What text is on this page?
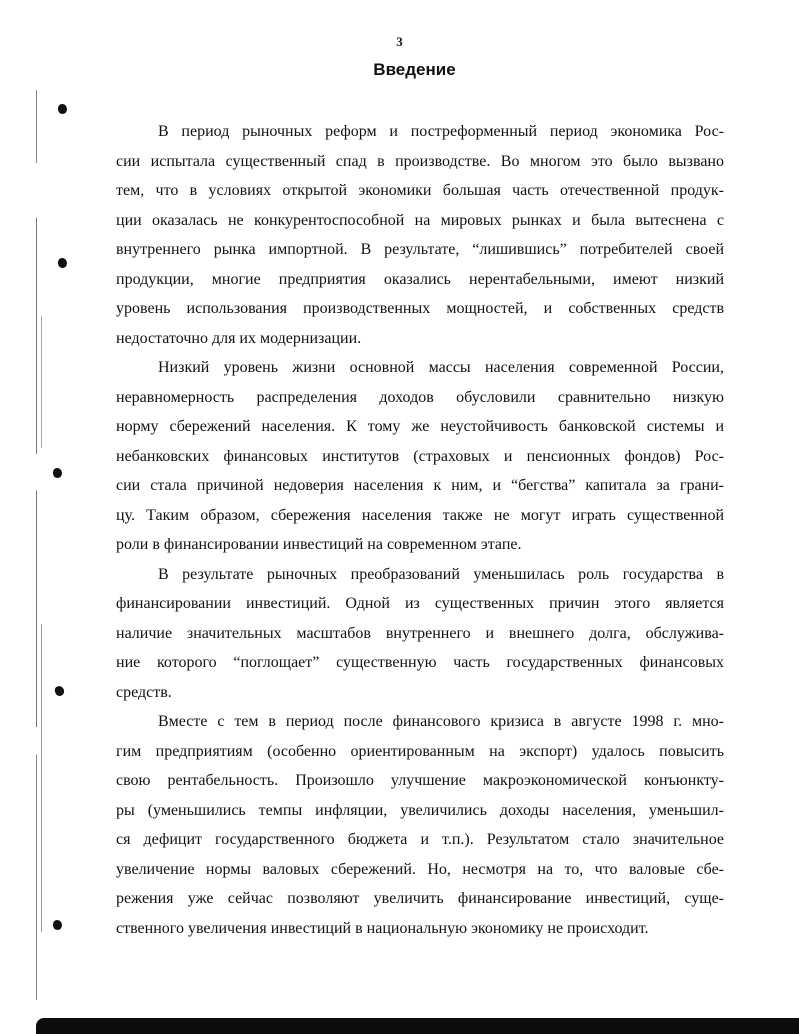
3
Введение
В период рыночных реформ и постреформенный период экономика Рос-
сии испытала существенный спад в производстве. Во многом это было вызвано
тем, что в условиях открытой экономики большая часть отечественной продук-
ции оказалась не конкурентоспособной на мировых рынках и была вытеснена с
внутреннего рынка импортной. В результате, “лишившись” потребителей своей
продукции, многие предприятия оказались нерентабельными, имеют низкий
уровень использования производственных мощностей, и собственных средств
недостаточно для их модернизации.
Низкий уровень жизни основной массы населения современной России,
неравномерность распределения доходов обусловили сравнительно низкую
норму сбережений населения. К тому же неустойчивость банковской системы и
небанковских финансовых институтов (страховых и пенсионных фондов) Рос-
сии стала причиной недоверия населения к ним, и “бегства” капитала за грани-
цу. Таким образом, сбережения населения также не могут играть существенной
роли в финансировании инвестиций на современном этапе.
В результате рыночных преобразований уменьшилась роль государства в
финансировании инвестиций. Одной из существенных причин этого является
наличие значительных масштабов внутреннего и внешнего долга, обслужива-
ние которого “поглощает” существенную часть государственных финансовых
средств.
Вместе с тем в период после финансового кризиса в августе 1998 г. мно-
гим предприятиям (особенно ориентированным на экспорт) удалось повысить
свою рентабельность. Произошло улучшение макроэкономической конъюнкту-
ры (уменьшились темпы инфляции, увеличились доходы населения, уменьшил-
ся дефицит государственного бюджета и т.п.). Результатом стало значительное
увеличение нормы валовых сбережений. Но, несмотря на то, что валовые сбе-
режения уже сейчас позволяют увеличить финансирование инвестиций, суще-
ственного увеличения инвестиций в национальную экономику не происходит.
